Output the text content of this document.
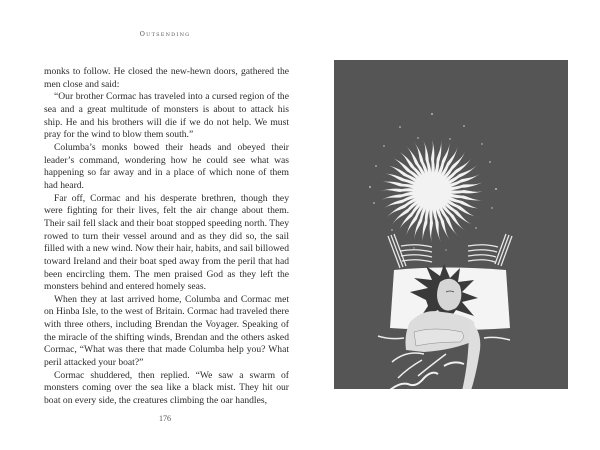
Outsending

monks to follow. He closed the new-hewn doors, gathered the men close and said:

“Our brother Cormac has traveled into a cursed region of the sea and a great multitude of monsters is about to attack his ship. He and his brothers will die if we do not help. We must pray for the wind to blow them south.”

Columba’s monks bowed their heads and obeyed their leader’s command, wondering how he could see what was happening so far away and in a place of which none of them had heard.

Far off, Cormac and his desperate brethren, though they were fighting for their lives, felt the air change about them. Their sail fell slack and their boat stopped speeding north. They rowed to turn their vessel around and as they did so, the sail filled with a new wind. Now their hair, habits, and sail billowed toward Ireland and their boat sped away from the peril that had been encircling them. The men praised God as they left the monsters behind and entered homely seas.

When they at last arrived home, Columba and Cormac met on Hinba Isle, to the west of Britain. Cormac had traveled there with three others, including Brendan the Voyager. Speaking of the miracle of the shifting winds, Brendan and the others asked Cormac, “What was there that made Columba help you? What peril attacked your boat?”

Cormac shuddered, then replied. “We saw a swarm of monsters coming over the sea like a black mist. They hit our boat on every side, the creatures climbing the oar handles,

176
